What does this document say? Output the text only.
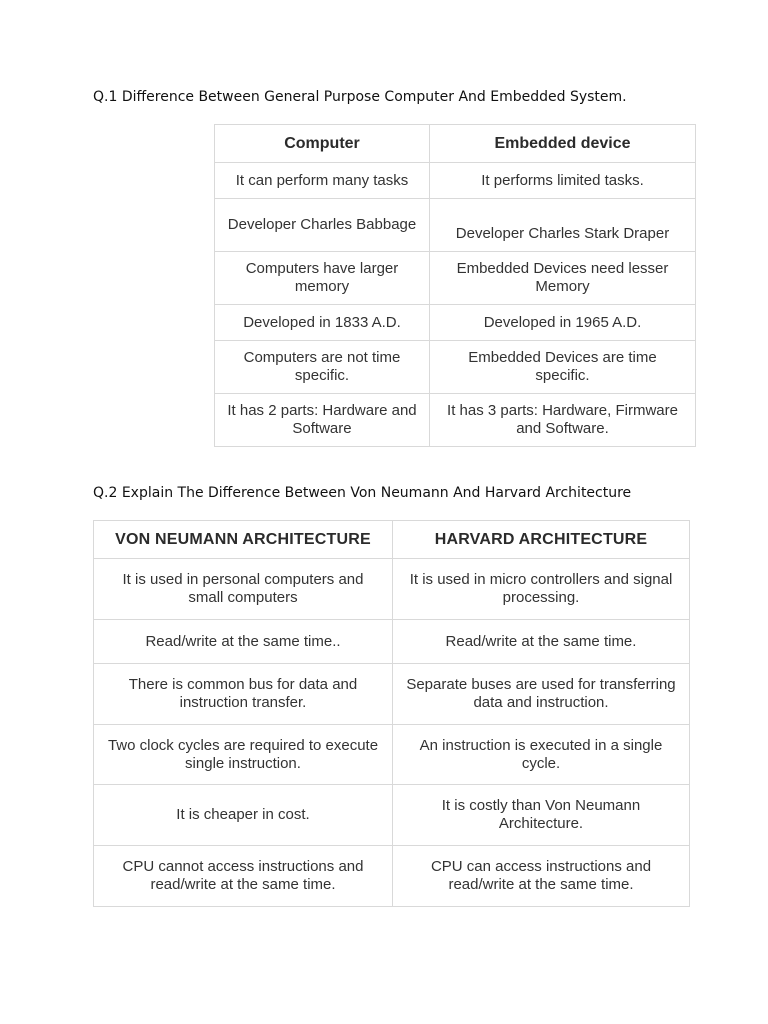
Q.1 Difference Between General Purpose Computer And Embedded System.
Computer	Embedded device
It can perform many tasks	It performs limited tasks.
Developer Charles Babbage	Developer Charles Stark Draper
Computers have larger memory	Embedded Devices need lesser Memory
Developed in 1833 A.D.	Developed in 1965 A.D.
Computers are not time specific.	Embedded Devices are time specific.
It has 2 parts: Hardware and Software	It has 3 parts: Hardware, Firmware and Software.
Q.2 Explain The Difference Between Von Neumann And Harvard Architecture
VON NEUMANN ARCHITECTURE	HARVARD ARCHITECTURE
It is used in personal computers and small computers	It is used in micro controllers and signal processing.
Read/write at the same time..	Read/write at the same time.
There is common bus for data and instruction transfer.	Separate buses are used for transferring data and instruction.
Two clock cycles are required to execute single instruction.	An instruction is executed in a single cycle.
It is cheaper in cost.	It is costly than Von Neumann Architecture.
CPU cannot access instructions and read/write at the same time.	CPU can access instructions and read/write at the same time.
